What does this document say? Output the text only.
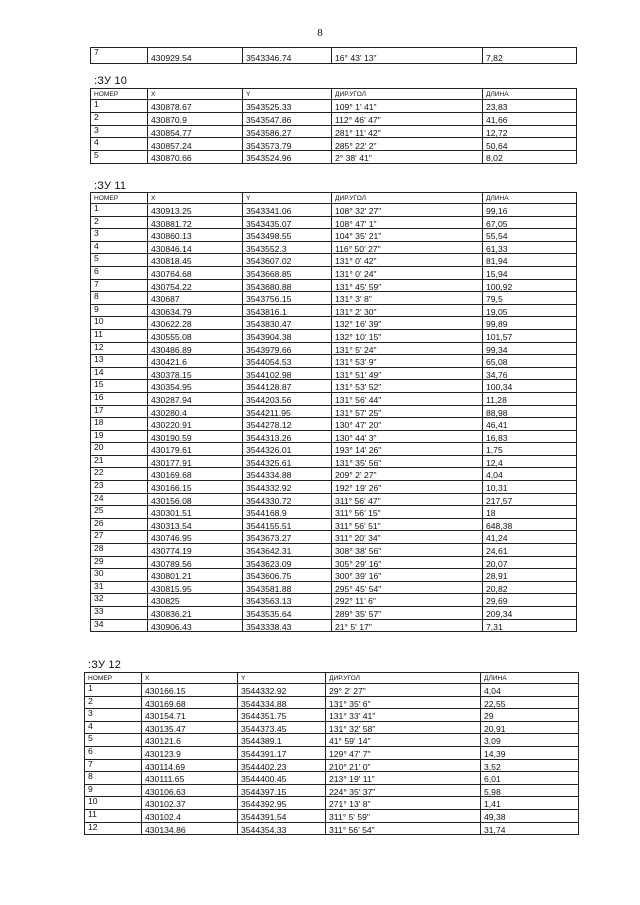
8
7	430929.54	3543346.74	16° 43' 13"	7,82
:ЗУ 10
НОМЕР	X	Y	ДИР.УГОЛ	ДЛИНА
1	430878.67	3543525.33	109° 1' 41"	23,83
2	430870.9	3543547.86	112° 46' 47"	41,66
3	430854.77	3543586.27	281° 11' 42"	12,72
4	430857.24	3543573.79	285° 22' 2"	50,64
5	430870.66	3543524.96	2° 38' 41"	8,02
:ЗУ 11
НОМЕР	X	Y	ДИР.УГОЛ	ДЛИНА
1	430913.25	3543341.06	108° 32' 27"	99,16
2	430881.72	3543435.07	108° 47' 1"	67,05
3	430860.13	3543498.55	104° 35' 21"	55,54
4	430846.14	3543552.3	116° 50' 27"	61,33
5	430818.45	3543607.02	131° 0' 42"	81,94
6	430764.68	3543668.85	131° 0' 24"	15,94
7	430754.22	3543680.88	131° 45' 59"	100,92
8	430687	3543756.15	131° 3' 8"	79,5
9	430634.79	3543816.1	131° 2' 30"	19,05
10	430622.28	3543830.47	132° 16' 39"	99,89
11	430555.08	3543904.38	132° 10' 15"	101,57
12	430486.89	3543979.66	131° 5' 24"	99,34
13	430421.6	3544054.53	131° 53' 9"	65,08
14	430378.15	3544102.98	131° 51' 49"	34,76
15	430354.95	3544128.87	131° 53' 52"	100,34
16	430287.94	3544203.56	131° 56' 44"	11,28
17	430280.4	3544211.95	131° 57' 25"	88,98
18	430220.91	3544278.12	130° 47' 20"	46,41
19	430190.59	3544313.26	130° 44' 3"	16,83
20	430179.61	3544326.01	193° 14' 26"	1,75
21	430177.91	3544325.61	131° 35' 56"	12,4
22	430169.68	3544334.88	209° 2' 27"	4,04
23	430166.15	3544332.92	192° 19' 26"	10,31
24	430156.08	3544330.72	311° 56' 47"	217,57
25	430301.51	3544168.9	311° 56' 15"	18
26	430313.54	3544155.51	311° 56' 51"	648,38
27	430746.95	3543673.27	311° 20' 34"	41,24
28	430774.19	3543642.31	308° 38' 56"	24,61
29	430789.56	3543623.09	305° 29' 16"	20,07
30	430801.21	3543606.75	300° 39' 16"	28,91
31	430815.95	3543581.88	295° 45' 54"	20,82
32	430825	3543563.13	292° 11' 6"	29,69
33	430836.21	3543535.64	289° 35' 57"	209,34
34	430906.43	3543338.43	21° 5' 17"	7,31
:ЗУ 12
НОМЕР	X	Y	ДИР.УГОЛ	ДЛИНА
1	430166.15	3544332.92	29° 2' 27"	4,04
2	430169.68	3544334.88	131° 35' 6"	22,55
3	430154.71	3544351.75	131° 33' 41"	29
4	430135.47	3544373.45	131° 32' 58"	20,91
5	430121.6	3544389.1	41° 59' 14"	3,09
6	430123.9	3544391.17	129° 47' 7"	14,39
7	430114.69	3544402.23	210° 21' 0"	3,52
8	430111.65	3544400.45	213° 19' 11"	6,01
9	430106.63	3544397.15	224° 35' 37"	5,98
10	430102.37	3544392.95	271° 13' 8"	1,41
11	430102.4	3544391.54	311° 5' 59"	49,38
12	430134.86	3544354.33	311° 56' 54"	31,74
